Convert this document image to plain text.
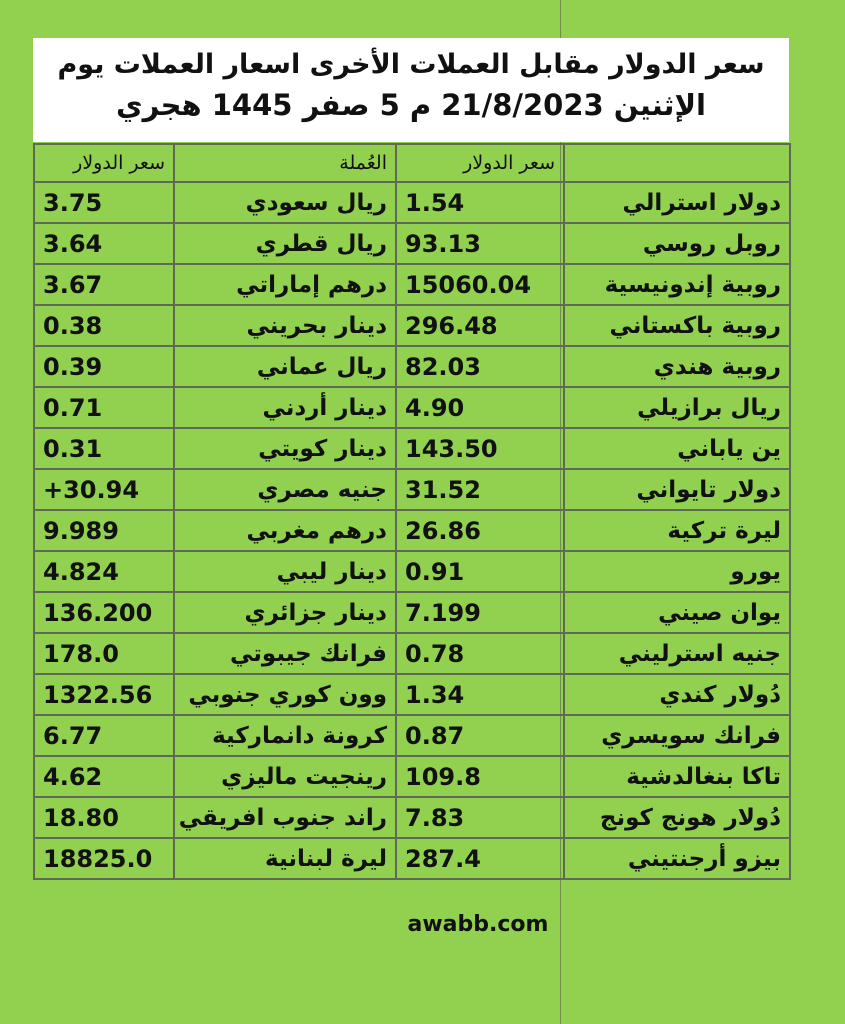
سعر الدولار مقابل العملات الأخرى اسعار العملات يوم
الإثنين 21/8/2023 م 5 صفر 1445 هجري
	سعر الدولار	العُملة	سعر الدولار
دولار استرالي	1.54	ريال سعودي	3.75
روبل روسي	93.13	ريال قطري	3.64
روبية إندونيسية	15060.04	درهم إماراتي	3.67
روبية باكستاني	296.48	دينار بحريني	0.38
روبية هندي	82.03	ريال عماني	0.39
ريال برازيلي	4.90	دينار أردني	0.71
ين ياباني	143.50	دينار كويتي	0.31
دولار تايواني	31.52	جنيه مصري	30.94+
ليرة تركية	26.86	درهم مغربي	9.989
يورو	0.91	دينار ليبي	4.824
يوان صيني	7.199	دينار جزائري	136.200
جنيه استرليني	0.78	فرانك جيبوتي	178.0
دُولار كندي	1.34	وون كوري جنوبي	1322.56
فرانك سويسري	0.87	كرونة دانماركية	6.77
تاكا بنغالدشية	109.8	رينجيت ماليزي	4.62
دُولار هونج كونج	7.83	راند جنوب افريقي	18.80
بيزو أرجنتيني	287.4	ليرة لبنانية	18825.0
awabb.com
